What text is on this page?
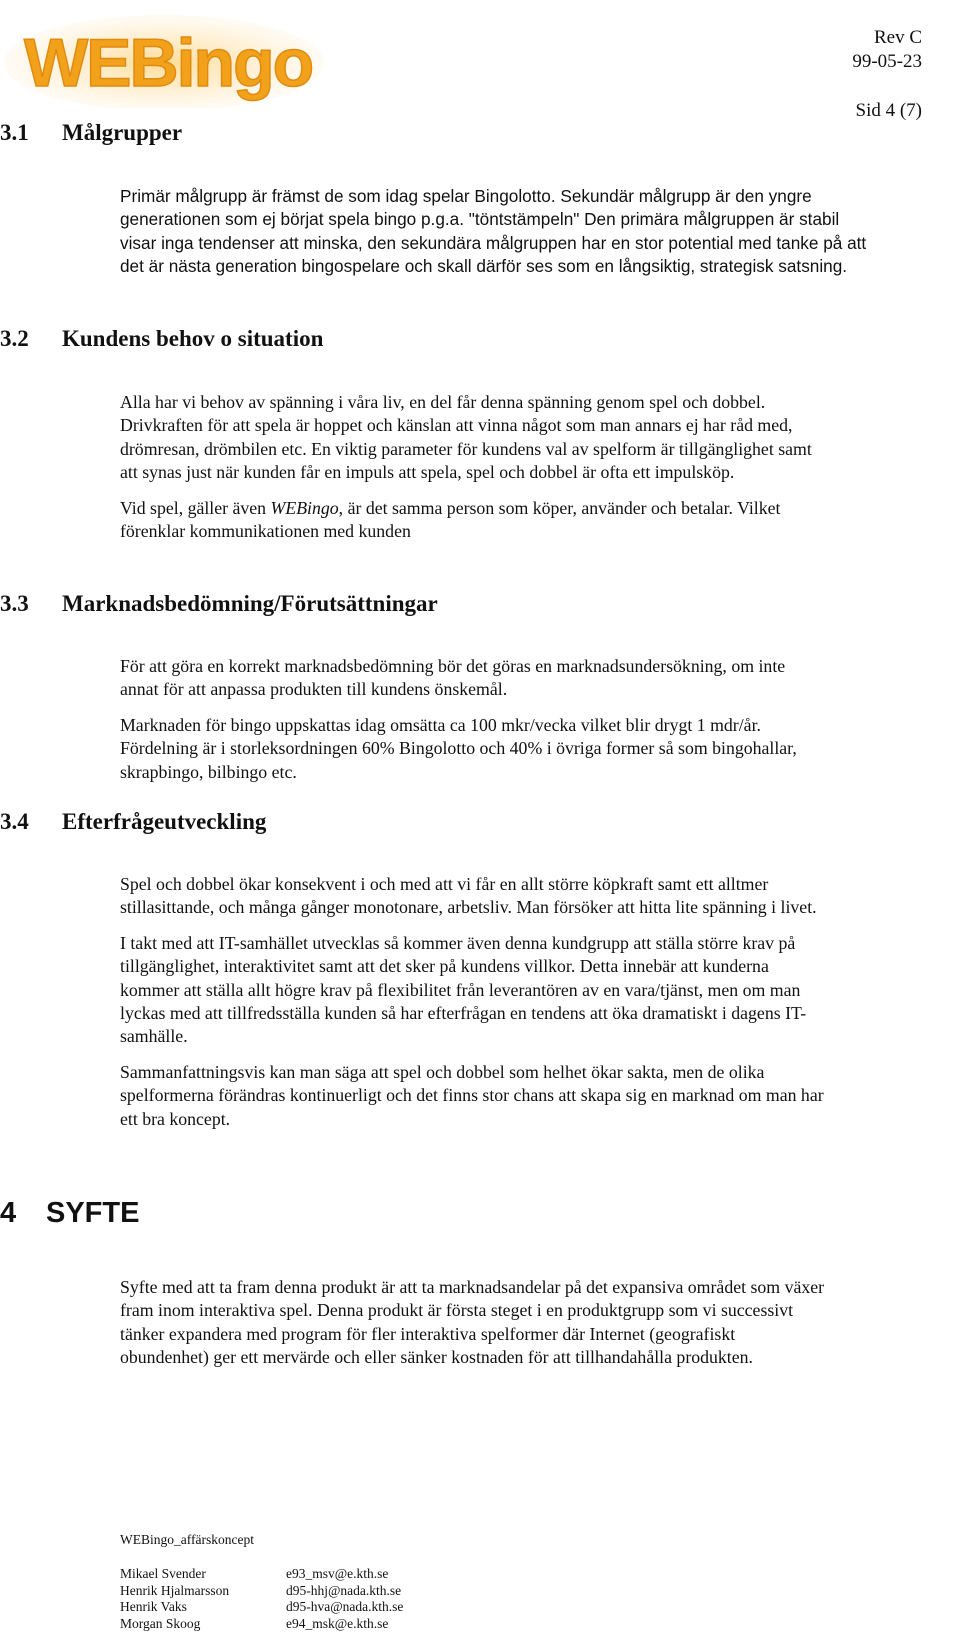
WEBingo	Rev C
99-05-23
Sid 4 (7)
3.1 Målgrupper

Primär målgrupp är främst de som idag spelar Bingolotto. Sekundär målgrupp är den yngre
generationen som ej börjat spela bingo p.g.a. "töntstämpeln" Den primära målgruppen är stabil
visar inga tendenser att minska, den sekundära målgruppen har en stor potential med tanke på att
det är nästa generation bingospelare och skall därför ses som en långsiktig, strategisk satsning.

3.2 Kundens behov o situation

Alla har vi behov av spänning i våra liv, en del får denna spänning genom spel och dobbel.
Drivkraften för att spela är hoppet och känslan att vinna något som man annars ej har råd med,
drömresan, drömbilen etc. En viktig parameter för kundens val av spelform är tillgänglighet samt
att synas just när kunden får en impuls att spela, spel och dobbel är ofta ett impulsköp.

Vid spel, gäller även WEBingo, är det samma person som köper, använder och betalar. Vilket
förenklar kommunikationen med kunden

3.3 Marknadsbedömning/Förutsättningar

För att göra en korrekt marknadsbedömning bör det göras en marknadsundersökning, om inte
annat för att anpassa produkten till kundens önskemål.

Marknaden för bingo uppskattas idag omsätta ca 100 mkr/vecka vilket blir drygt 1 mdr/år.
Fördelning är i storleksordningen 60% Bingolotto och 40% i övriga former så som bingohallar,
skrapbingo, bilbingo etc.

3.4 Efterfrågeutveckling

Spel och dobbel ökar konsekvent i och med att vi får en allt större köpkraft samt ett alltmer
stillasittande, och många gånger monotonare, arbetsliv. Man försöker att hitta lite spänning i livet.

I takt med att IT-samhället utvecklas så kommer även denna kundgrupp att ställa större krav på
tillgänglighet, interaktivitet samt att det sker på kundens villkor. Detta innebär att kunderna
kommer att ställa allt högre krav på flexibilitet från leverantören av en vara/tjänst, men om man
lyckas med att tillfredsställa kunden så har efterfrågan en tendens att öka dramatiskt i dagens IT-
samhälle.

Sammanfattningsvis kan man säga att spel och dobbel som helhet ökar sakta, men de olika
spelformerna förändras kontinuerligt och det finns stor chans att skapa sig en marknad om man har
ett bra koncept.

4 SYFTE

Syfte med att ta fram denna produkt är att ta marknadsandelar på det expansiva området som växer
fram inom interaktiva spel. Denna produkt är första steget i en produktgrupp som vi successivt
tänker expandera med program för fler interaktiva spelformer där Internet (geografiskt
obundenhet) ger ett mervärde och eller sänker kostnaden för att tillhandahålla produkten.

WEBingo_affärskoncept
Mikael Svender	e93_msv@e.kth.se
Henrik Hjalmarsson	d95-hhj@nada.kth.se
Henrik Vaks	d95-hva@nada.kth.se
Morgan Skoog	e94_msk@e.kth.se
